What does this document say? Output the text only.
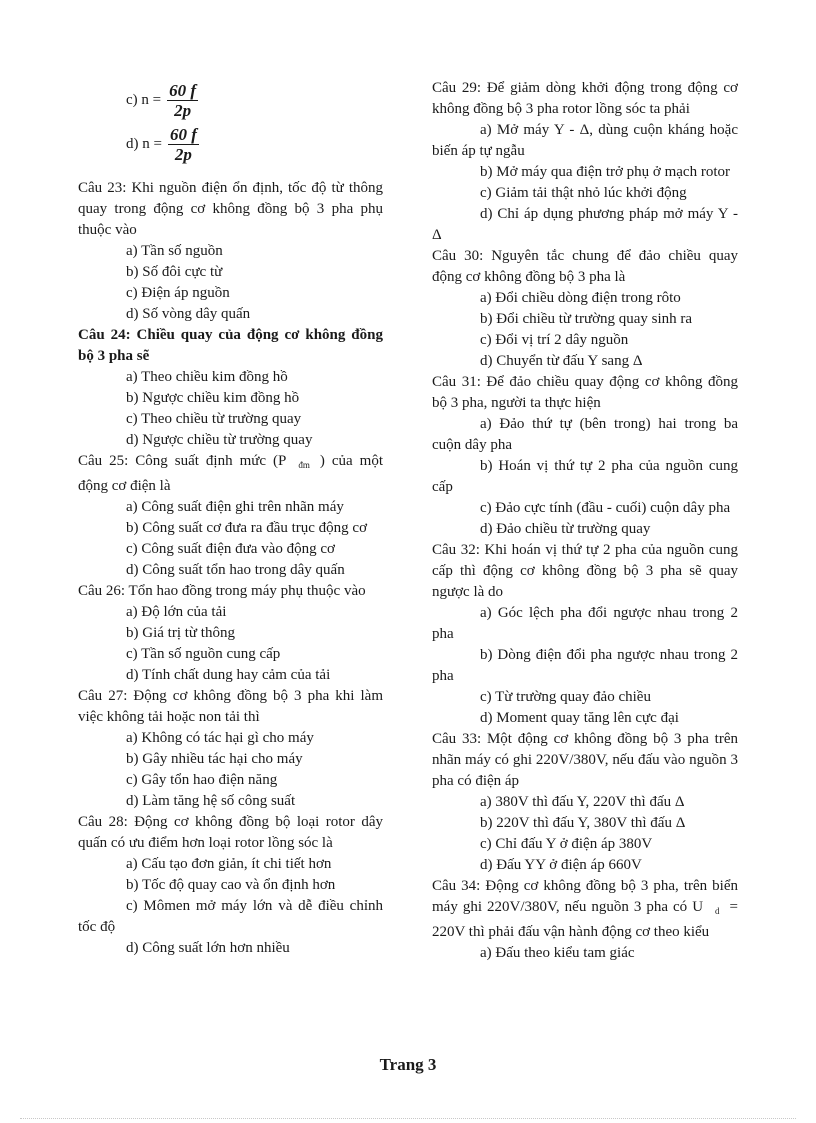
c) $n = \frac{60 f}{2p}$
d) $n = \frac{60 f}{2p}$

Câu 23: Khi nguồn điện ổn định, tốc độ từ thông quay trong động cơ không đồng bộ 3 pha phụ thuộc vào

a) Tần số nguồn

b) Số đôi cực từ

c) Điện áp nguồn

d) Số vòng dây quấn

Câu 24: Chiều quay của động cơ không đồng bộ 3 pha sẽ

a) Theo chiều kim đồng hồ

b) Ngược chiều kim đồng hồ

c) Theo chiều từ trường quay

d) Ngược chiều từ trường quay

Câu 25: Công suất định mức (P $_{đm}$ ) của một động cơ điện là

a) Công suất điện ghi trên nhãn máy

b) Công suất cơ đưa ra đầu trục động cơ

c) Công suất điện đưa vào động cơ

d) Công suất tổn hao trong dây quấn

Câu 26: Tổn hao đồng trong máy phụ thuộc vào

a) Độ lớn của tải

b) Giá trị từ thông

c) Tần số nguồn cung cấp

d) Tính chất dung hay cảm của tải

Câu 27: Động cơ không đồng bộ 3 pha khi làm việc không tải hoặc non tải thì

a) Không có tác hại gì cho máy

b) Gây nhiều tác hại cho máy

c) Gây tổn hao điện năng

d) Làm tăng hệ số công suất

Câu 28: Động cơ không đồng bộ loại rotor dây quấn có ưu điểm hơn loại rotor lồng sóc là

a) Cấu tạo đơn giản, ít chi tiết hơn

b) Tốc độ quay cao và ổn định hơn

c) Mômen mở máy lớn và dễ điều chỉnh tốc độ

d) Công suất lớn hơn nhiều

Câu 29: Để giảm dòng khởi động trong động cơ không đồng bộ 3 pha rotor lồng sóc ta phải

a) Mở máy Y - Δ, dùng cuộn kháng hoặc biến áp tự ngẫu

b) Mở máy qua điện trở phụ ở mạch rotor

c) Giảm tải thật nhỏ lúc khởi động

d) Chỉ áp dụng phương pháp mở máy Y - Δ

Câu 30: Nguyên tắc chung để đảo chiều quay động cơ không đồng bộ 3 pha là

a) Đổi chiều dòng điện trong rôto

b) Đổi chiều từ trường quay sinh ra

c) Đổi vị trí 2 dây nguồn

d) Chuyển từ đấu Y sang Δ

Câu 31: Để đảo chiều quay động cơ không đồng bộ 3 pha, người ta thực hiện

a) Đảo thứ tự (bên trong) hai trong ba cuộn dây pha

b) Hoán vị thứ tự 2 pha của nguồn cung cấp

c) Đảo cực tính (đầu - cuối) cuộn dây pha

d) Đảo chiều từ trường quay

Câu 32: Khi hoán vị thứ tự 2 pha của nguồn cung cấp thì động cơ không đồng bộ 3 pha sẽ quay ngược là do

a) Góc lệch pha đổi ngược nhau trong 2 pha

b) Dòng điện đổi pha ngược nhau trong 2 pha

c) Từ trường quay đảo chiều

d) Moment quay tăng lên cực đại

Câu 33: Một động cơ không đồng bộ 3 pha trên nhãn máy có ghi 220V/380V, nếu đấu vào nguồn 3 pha có điện áp

a) 380V thì đấu Y, 220V thì đấu Δ

b) 220V thì đấu Y, 380V thì đấu Δ

c) Chỉ đấu Y ở điện áp 380V

d) Đấu YY ở điện áp 660V

Câu 34: Động cơ không đồng bộ 3 pha, trên biển máy ghi 220V/380V, nếu nguồn 3 pha có U $_d$ = 220V thì phải đấu vận hành động cơ theo kiểu

a) Đấu theo kiểu tam giác

Trang 3
